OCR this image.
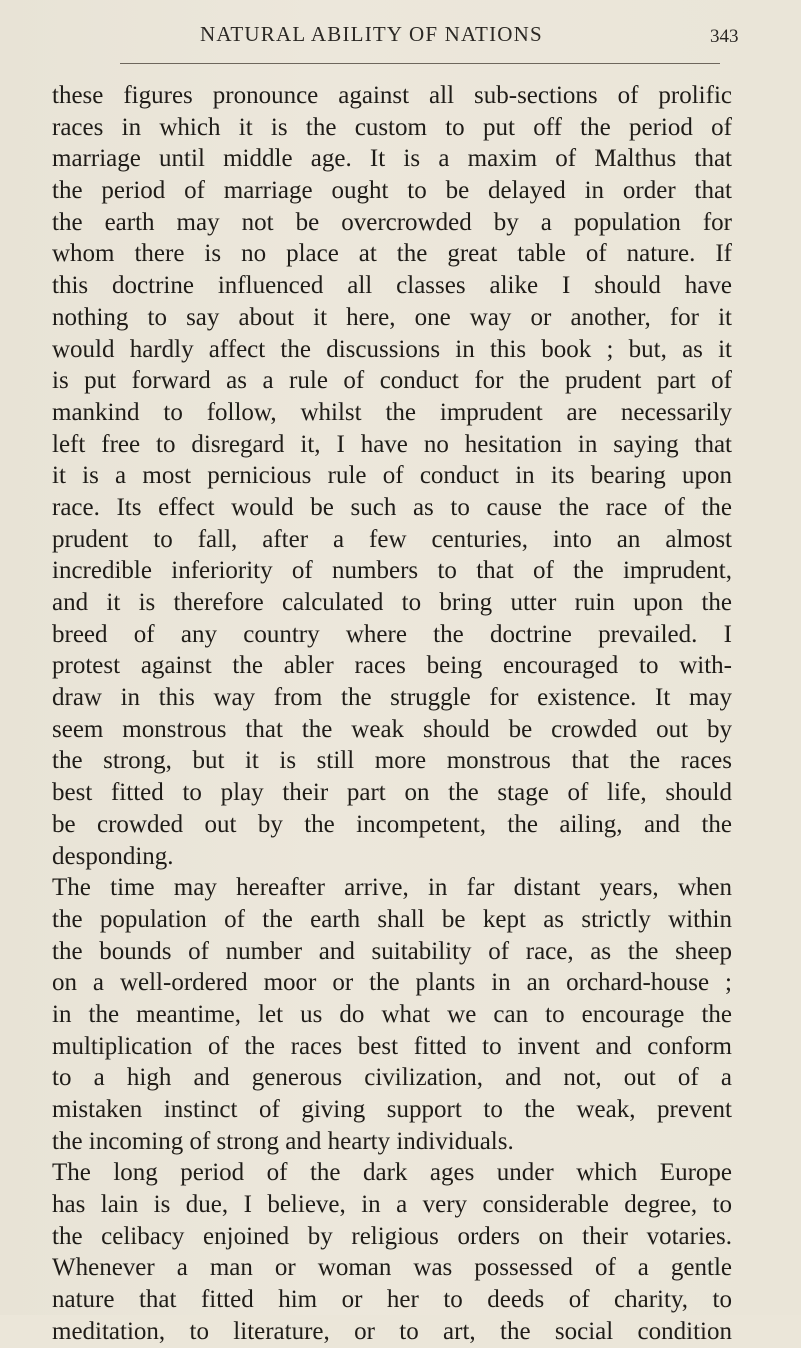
NATURAL ABILITY OF NATIONS	343
these figures pronounce against all sub-sections of prolific
races in which it is the custom to put off the period of
marriage until middle age. It is a maxim of Malthus that
the period of marriage ought to be delayed in order that
the earth may not be overcrowded by a population for
whom there is no place at the great table of nature. If
this doctrine influenced all classes alike I should have
nothing to say about it here, one way or another, for it
would hardly affect the discussions in this book ; but, as it
is put forward as a rule of conduct for the prudent part of
mankind to follow, whilst the imprudent are necessarily
left free to disregard it, I have no hesitation in saying that
it is a most pernicious rule of conduct in its bearing upon
race. Its effect would be such as to cause the race of the
prudent to fall, after a few centuries, into an almost
incredible inferiority of numbers to that of the imprudent,
and it is therefore calculated to bring utter ruin upon the
breed of any country where the doctrine prevailed. I
protest against the abler races being encouraged to with-
draw in this way from the struggle for existence. It may
seem monstrous that the weak should be crowded out by
the strong, but it is still more monstrous that the races
best fitted to play their part on the stage of life, should
be crowded out by the incompetent, the ailing, and the
desponding.
The time may hereafter arrive, in far distant years, when
the population of the earth shall be kept as strictly within
the bounds of number and suitability of race, as the sheep
on a well-ordered moor or the plants in an orchard-house ;
in the meantime, let us do what we can to encourage the
multiplication of the races best fitted to invent and conform
to a high and generous civilization, and not, out of a
mistaken instinct of giving support to the weak, prevent
the incoming of strong and hearty individuals.
The long period of the dark ages under which Europe
has lain is due, I believe, in a very considerable degree, to
the celibacy enjoined by religious orders on their votaries.
Whenever a man or woman was possessed of a gentle
nature that fitted him or her to deeds of charity, to
meditation, to literature, or to art, the social condition
